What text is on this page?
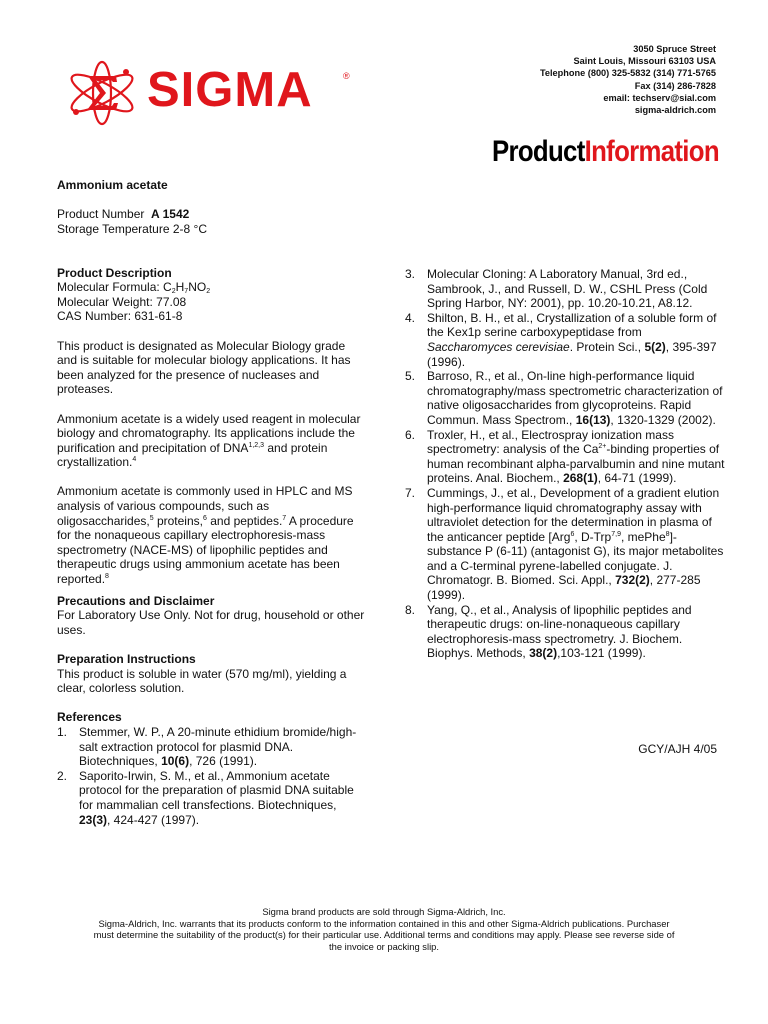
SIGMA	®
3050 Spruce Street
Saint Louis, Missouri 63103 USA
Telephone (800) 325-5832 (314) 771-5765
Fax (314) 286-7828
email: techserv@sial.com
sigma-aldrich.com
ProductInformation
Ammonium acetate
Product Number A 1542
Storage Temperature 2-8 °C
Product Description
Molecular Formula: $C_2H_7NO_2$
Molecular Weight: 77.08
CAS Number: 631-61-8

This product is designated as Molecular Biology grade and is suitable for molecular biology applications. It has been analyzed for the presence of nucleases and proteases.

Ammonium acetate is a widely used reagent in molecular biology and chromatography. Its applications include the purification and precipitation of DNA$^{1,2,3}$ and protein crystallization.$^4$

Ammonium acetate is commonly used in HPLC and MS analysis of various compounds, such as oligosaccharides,$^5$ proteins,$^6$ and peptides.$^7$ A procedure for the nonaqueous capillary electrophoresis-mass spectrometry (NACE-MS) of lipophilic peptides and therapeutic drugs using ammonium acetate has been reported.$^8$

Precautions and Disclaimer

For Laboratory Use Only. Not for drug, household or other uses.

Preparation Instructions

This product is soluble in water (570 mg/ml), yielding a clear, colorless solution.

References
1. Stemmer, W. P., A 20-minute ethidium bromide/high-salt extraction protocol for plasmid DNA. Biotechniques, 10(6), 726 (1991).
2. Saporito-Irwin, S. M., et al., Ammonium acetate protocol for the preparation of plasmid DNA suitable for mammalian cell transfections. Biotechniques, 23(3), 424-427 (1997).
3. Molecular Cloning: A Laboratory Manual, 3rd ed., Sambrook, J., and Russell, D. W., CSHL Press (Cold Spring Harbor, NY: 2001), pp. 10.20-10.21, A8.12.
4. Shilton, B. H., et al., Crystallization of a soluble form of the Kex1p serine carboxypeptidase from Saccharomyces cerevisiae. Protein Sci., 5(2), 395-397 (1996).
5. Barroso, R., et al., On-line high-performance liquid chromatography/mass spectrometric characterization of native oligosaccharides from glycoproteins. Rapid Commun. Mass Spectrom., 16(13), 1320-1329 (2002).
6. Troxler, H., et al., Electrospray ionization mass spectrometry: analysis of the $Ca^{2+}$-binding properties of human recombinant alpha-parvalbumin and nine mutant proteins. Anal. Biochem., 268(1), 64-71 (1999).
7. Cummings, J., et al., Development of a gradient elution high-performance liquid chromatography assay with ultraviolet detection for the determination in plasma of the anticancer peptide [Arg$^6$, D-Trp$^{7,9}$, mePhe$^8$]-substance P (6-11) (antagonist G), its major metabolites and a C-terminal pyrene-labelled conjugate. J. Chromatogr. B. Biomed. Sci. Appl., 732(2), 277-285 (1999).
8. Yang, Q., et al., Analysis of lipophilic peptides and therapeutic drugs: on-line-nonaqueous capillary electrophoresis-mass spectrometry. J. Biochem. Biophys. Methods, 38(2),103-121 (1999).
GCY/AJH 4/05
Sigma brand products are sold through Sigma-Aldrich, Inc.
Sigma-Aldrich, Inc. warrants that its products conform to the information contained in this and other Sigma-Aldrich publications. Purchaser
must determine the suitability of the product(s) for their particular use. Additional terms and conditions may apply. Please see reverse side of
the invoice or packing slip.
